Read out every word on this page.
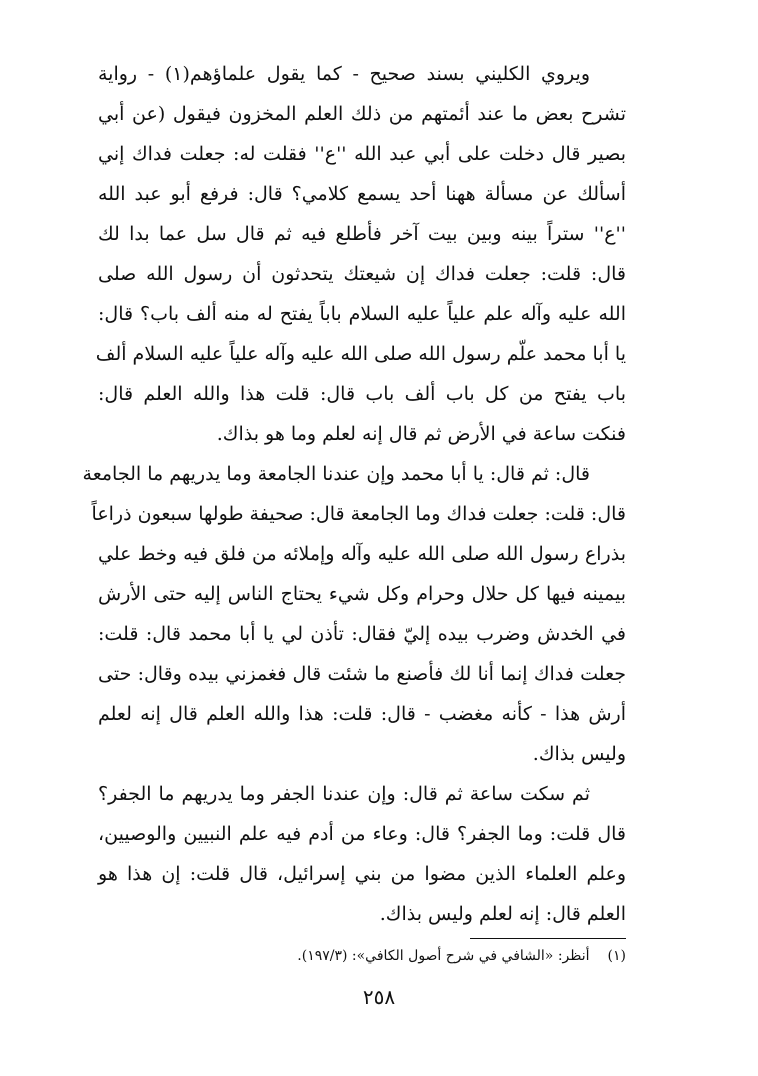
ويروي الكليني بسند صحيح - كما يقول علماؤهم(١) - رواية
تشرح بعض ما عند أئمتهم من ذلك العلم المخزون فيقول (عن أبي
بصير قال دخلت على أبي عبد الله ''ع'' فقلت له: جعلت فداك إني
أسألك عن مسألة ههنا أحد يسمع كلامي؟ قال: فرفع أبو عبد الله
''ع'' ستراً بينه وبين بيت آخر فأطلع فيه ثم قال سل عما بدا لك
قال: قلت: جعلت فداك إن شيعتك يتحدثون أن رسول الله صلى
الله عليه وآله علم علياً عليه السلام باباً يفتح له منه ألف باب؟ قال:
يا أبا محمد علّم رسول الله صلى الله عليه وآله علياً عليه السلام ألف
باب يفتح من كل باب ألف باب قال: قلت هذا والله العلم قال:
فنكت ساعة في الأرض ثم قال إنه لعلم وما هو بذاك.
قال: ثم قال: يا أبا محمد وإن عندنا الجامعة وما يدريهم ما الجامعة
قال: قلت: جعلت فداك وما الجامعة قال: صحيفة طولها سبعون ذراعاً
بذراع رسول الله صلى الله عليه وآله وإملائه من فلق فيه وخط علي
بيمينه فيها كل حلال وحرام وكل شيء يحتاج الناس إليه حتى الأرش
في الخدش وضرب بيده إليّ فقال: تأذن لي يا أبا محمد قال: قلت:
جعلت فداك إنما أنا لك فأصنع ما شئت قال فغمزني بيده وقال: حتى
أرش هذا - كأنه مغضب - قال: قلت: هذا والله العلم قال إنه لعلم
وليس بذاك.
ثم سكت ساعة ثم قال: وإن عندنا الجفر وما يدريهم ما الجفر؟
قال قلت: وما الجفر؟ قال: وعاء من أدم فيه علم النبيين والوصيين،
وعلم العلماء الذين مضوا من بني إسرائيل، قال قلت: إن هذا هو
العلم قال: إنه لعلم وليس بذاك.
(١)أنظر: «الشافي في شرح أصول الكافي»: (١٩٧/٣).
٢٥٨
